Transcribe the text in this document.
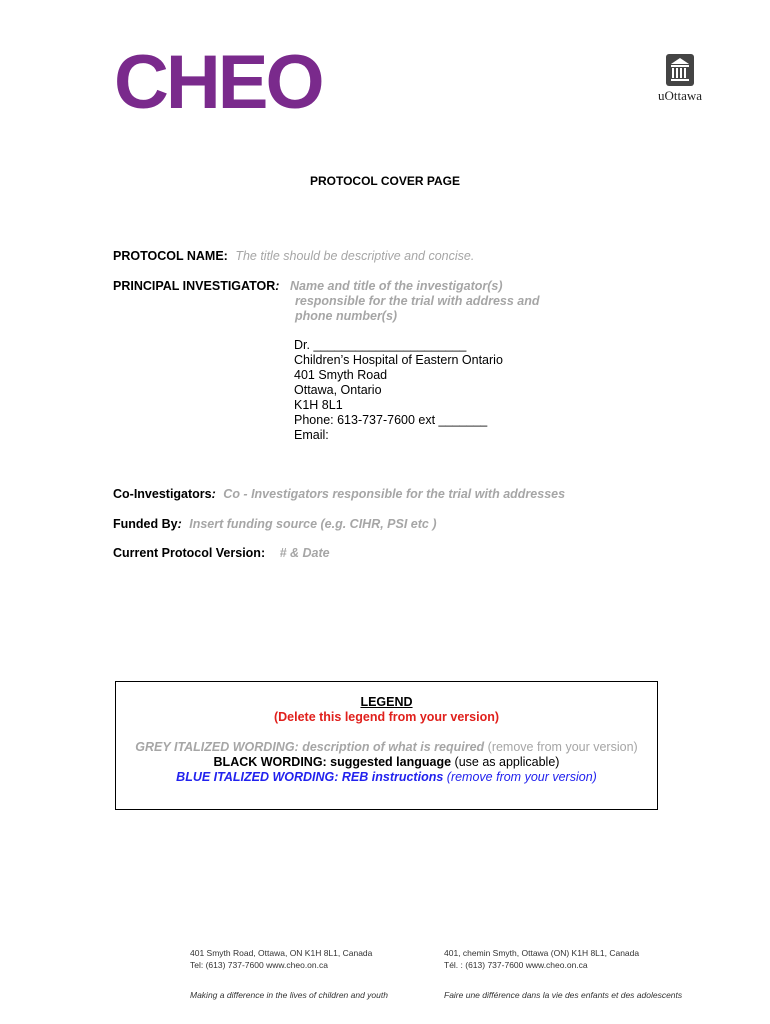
CHEO	uOttawa
PROTOCOL COVER PAGE
PROTOCOL NAME: The title should be descriptive and concise.
PRINCIPAL INVESTIGATOR: Name and title of the investigator(s)
responsible for the trial with address and
phone number(s)
Dr. ______________________
Children’s Hospital of Eastern Ontario
401 Smyth Road
Ottawa, Ontario
K1H 8L1
Phone: 613-737-7600 ext _______
Email:
Co-Investigators: Co - Investigators responsible for the trial with addresses
Funded By: Insert funding source (e.g. CIHR, PSI etc )
Current Protocol Version: # & Date
LEGEND
(Delete this legend from your version)
GREY ITALIZED WORDING: description of what is required (remove from your version)
BLACK WORDING: suggested language (use as applicable)
BLUE ITALIZED WORDING: REB instructions (remove from your version)
401 Smyth Road, Ottawa, ON K1H 8L1, Canada
Tel: (613) 737-7600 www.cheo.on.ca
Making a difference in the lives of children and youth
401, chemin Smyth, Ottawa (ON) K1H 8L1, Canada
Tél. : (613) 737-7600 www.cheo.on.ca
Faire une différence dans la vie des enfants et des adolescents
